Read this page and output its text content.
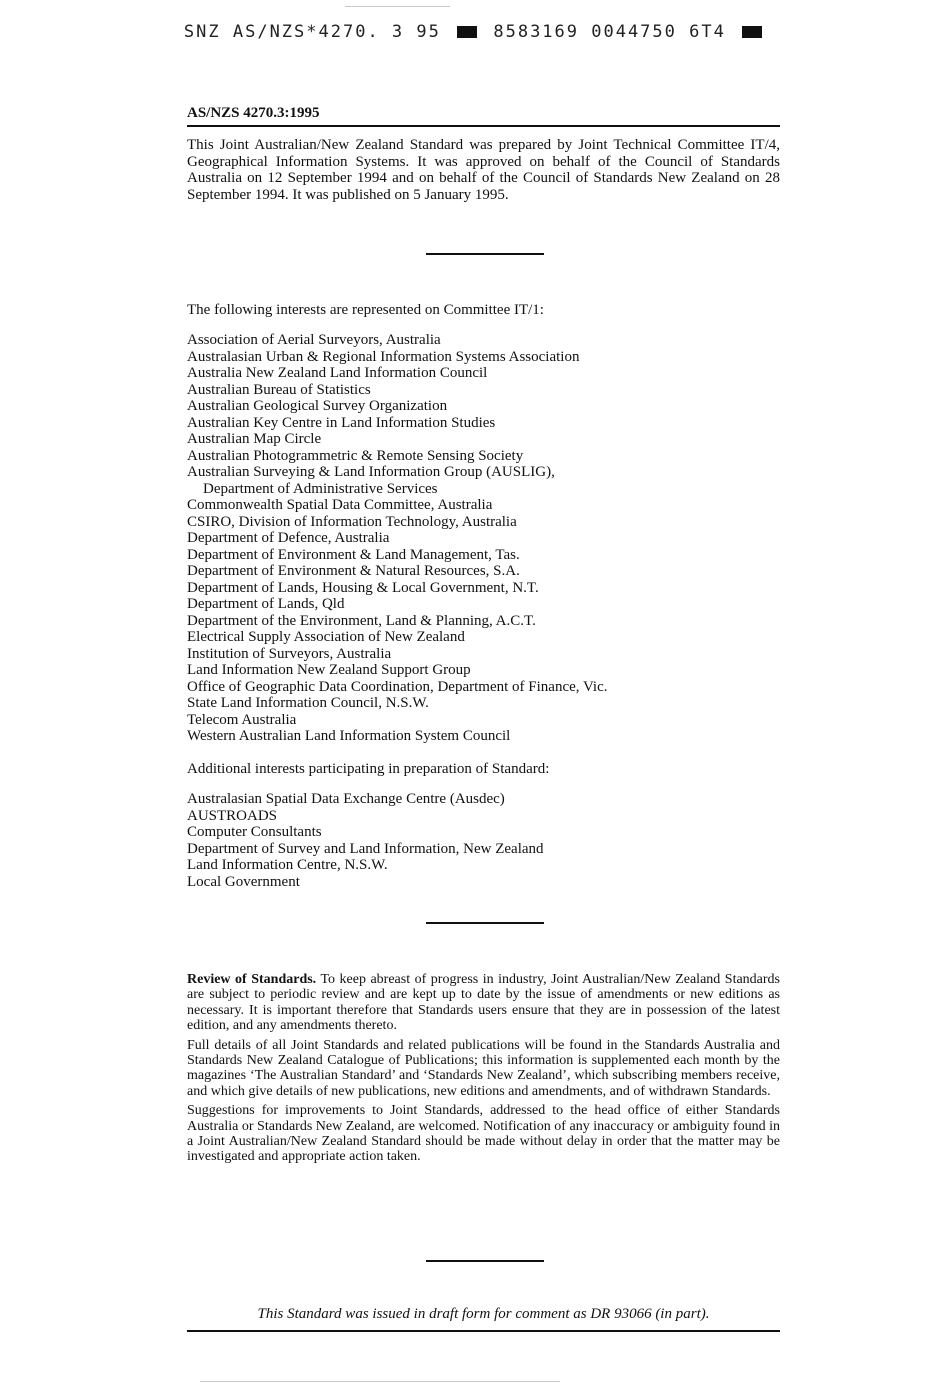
SNZ AS/NZS*4270. 3 95	8583169 0044750 6T4
AS/NZS 4270.3:1995

This Joint Australian/New Zealand Standard was prepared by Joint Technical Committee IT/4, Geographical Information Systems. It was approved on behalf of the Council of Standards Australia on 12 September 1994 and on behalf of the Council of Standards New Zealand on 28 September 1994. It was published on 5 January 1995.

The following interests are represented on Committee IT/1:

Association of Aerial Surveyors, Australia
Australasian Urban & Regional Information Systems Association
Australia New Zealand Land Information Council
Australian Bureau of Statistics
Australian Geological Survey Organization
Australian Key Centre in Land Information Studies
Australian Map Circle
Australian Photogrammetric & Remote Sensing Society
Australian Surveying & Land Information Group (AUSLIG),
Department of Administrative Services
Commonwealth Spatial Data Committee, Australia
CSIRO, Division of Information Technology, Australia
Department of Defence, Australia
Department of Environment & Land Management, Tas.
Department of Environment & Natural Resources, S.A.
Department of Lands, Housing & Local Government, N.T.
Department of Lands, Qld
Department of the Environment, Land & Planning, A.C.T.
Electrical Supply Association of New Zealand
Institution of Surveyors, Australia
Land Information New Zealand Support Group
Office of Geographic Data Coordination, Department of Finance, Vic.
State Land Information Council, N.S.W.
Telecom Australia
Western Australian Land Information System Council

Additional interests participating in preparation of Standard:

Australasian Spatial Data Exchange Centre (Ausdec)
AUSTROADS
Computer Consultants
Department of Survey and Land Information, New Zealand
Land Information Centre, N.S.W.
Local Government

Review of Standards. To keep abreast of progress in industry, Joint Australian/New Zealand Standards are subject to periodic review and are kept up to date by the issue of amendments or new editions as necessary. It is important therefore that Standards users ensure that they are in possession of the latest edition, and any amendments thereto.

Full details of all Joint Standards and related publications will be found in the Standards Australia and Standards New Zealand Catalogue of Publications; this information is supplemented each month by the magazines ‘The Australian Standard’ and ‘Standards New Zealand’, which subscribing members receive, and which give details of new publications, new editions and amendments, and of withdrawn Standards.

Suggestions for improvements to Joint Standards, addressed to the head office of either Standards Australia or Standards New Zealand, are welcomed. Notification of any inaccuracy or ambiguity found in a Joint Australian/New Zealand Standard should be made without delay in order that the matter may be investigated and appropriate action taken.

This Standard was issued in draft form for comment as DR 93066 (in part).
